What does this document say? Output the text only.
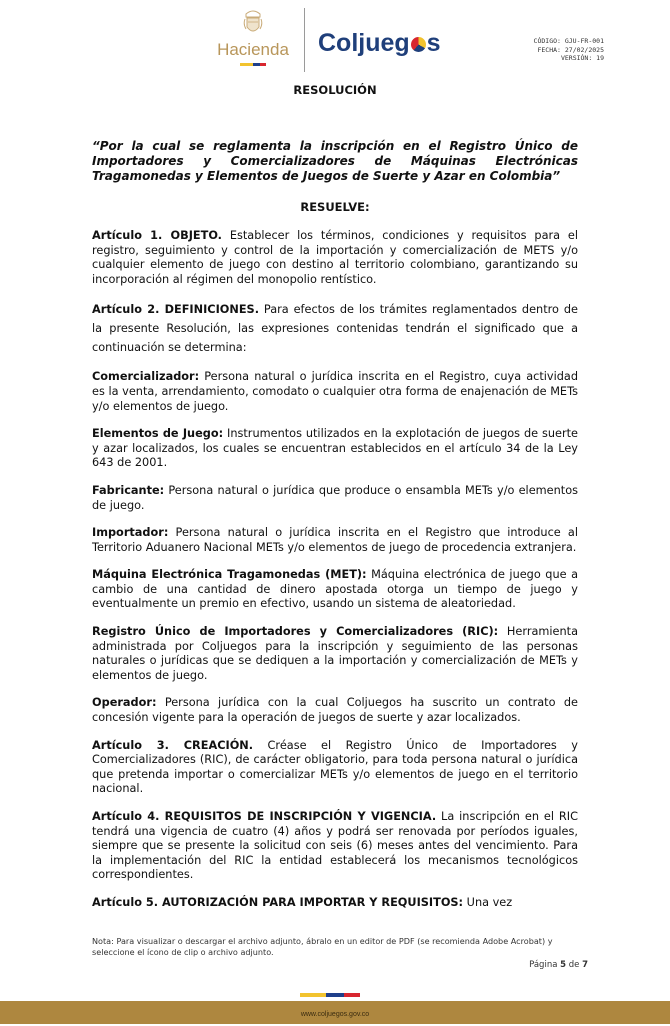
Hacienda Coljueg s	CÓDIGO: GJU-FR-001
FECHA: 27/02/2025
VERSIÓN: 19
RESOLUCIÓN

“Por la cual se reglamenta la inscripción en el Registro Único de Importadores y Comercializadores de Máquinas Electrónicas Tragamonedas y Elementos de Juegos de Suerte y Azar en Colombia”

RESUELVE:

Artículo 1. OBJETO. Establecer los términos, condiciones y requisitos para el registro, seguimiento y control de la importación y comercialización de METS y/o cualquier elemento de juego con destino al territorio colombiano, garantizando su incorporación al régimen del monopolio rentístico.

Artículo 2. DEFINICIONES. Para efectos de los trámites reglamentados dentro de la presente Resolución, las expresiones contenidas tendrán el significado que a continuación se determina:

Comercializador: Persona natural o jurídica inscrita en el Registro, cuya actividad es la venta, arrendamiento, comodato o cualquier otra forma de enajenación de METs y/o elementos de juego.

Elementos de Juego: Instrumentos utilizados en la explotación de juegos de suerte y azar localizados, los cuales se encuentran establecidos en el artículo 34 de la Ley 643 de 2001.

Fabricante: Persona natural o jurídica que produce o ensambla METs y/o elementos de juego.

Importador: Persona natural o jurídica inscrita en el Registro que introduce al Territorio Aduanero Nacional METs y/o elementos de juego de procedencia extranjera.

Máquina Electrónica Tragamonedas (MET): Máquina electrónica de juego que a cambio de una cantidad de dinero apostada otorga un tiempo de juego y eventualmente un premio en efectivo, usando un sistema de aleatoriedad.

Registro Único de Importadores y Comercializadores (RIC): Herramienta administrada por Coljuegos para la inscripción y seguimiento de las personas naturales o jurídicas que se dediquen a la importación y comercialización de METs y elementos de juego.

Operador: Persona jurídica con la cual Coljuegos ha suscrito un contrato de concesión vigente para la operación de juegos de suerte y azar localizados.

Artículo 3. CREACIÓN. Créase el Registro Único de Importadores y Comercializadores (RIC), de carácter obligatorio, para toda persona natural o jurídica que pretenda importar o comercializar METs y/o elementos de juego en el territorio nacional.

Artículo 4. REQUISITOS DE INSCRIPCIÓN Y VIGENCIA. La inscripción en el RIC tendrá una vigencia de cuatro (4) años y podrá ser renovada por períodos iguales, siempre que se presente la solicitud con seis (6) meses antes del vencimiento. Para la implementación del RIC la entidad establecerá los mecanismos tecnológicos correspondientes.

Artículo 5. AUTORIZACIÓN PARA IMPORTAR Y REQUISITOS: Una vez

Nota: Para visualizar o descargar el archivo adjunto, ábralo en un editor de PDF (se recomienda Adobe Acrobat) y seleccione el ícono de clip o archivo adjunto.
Página 5 de 7
www.coljuegos.gov.co
